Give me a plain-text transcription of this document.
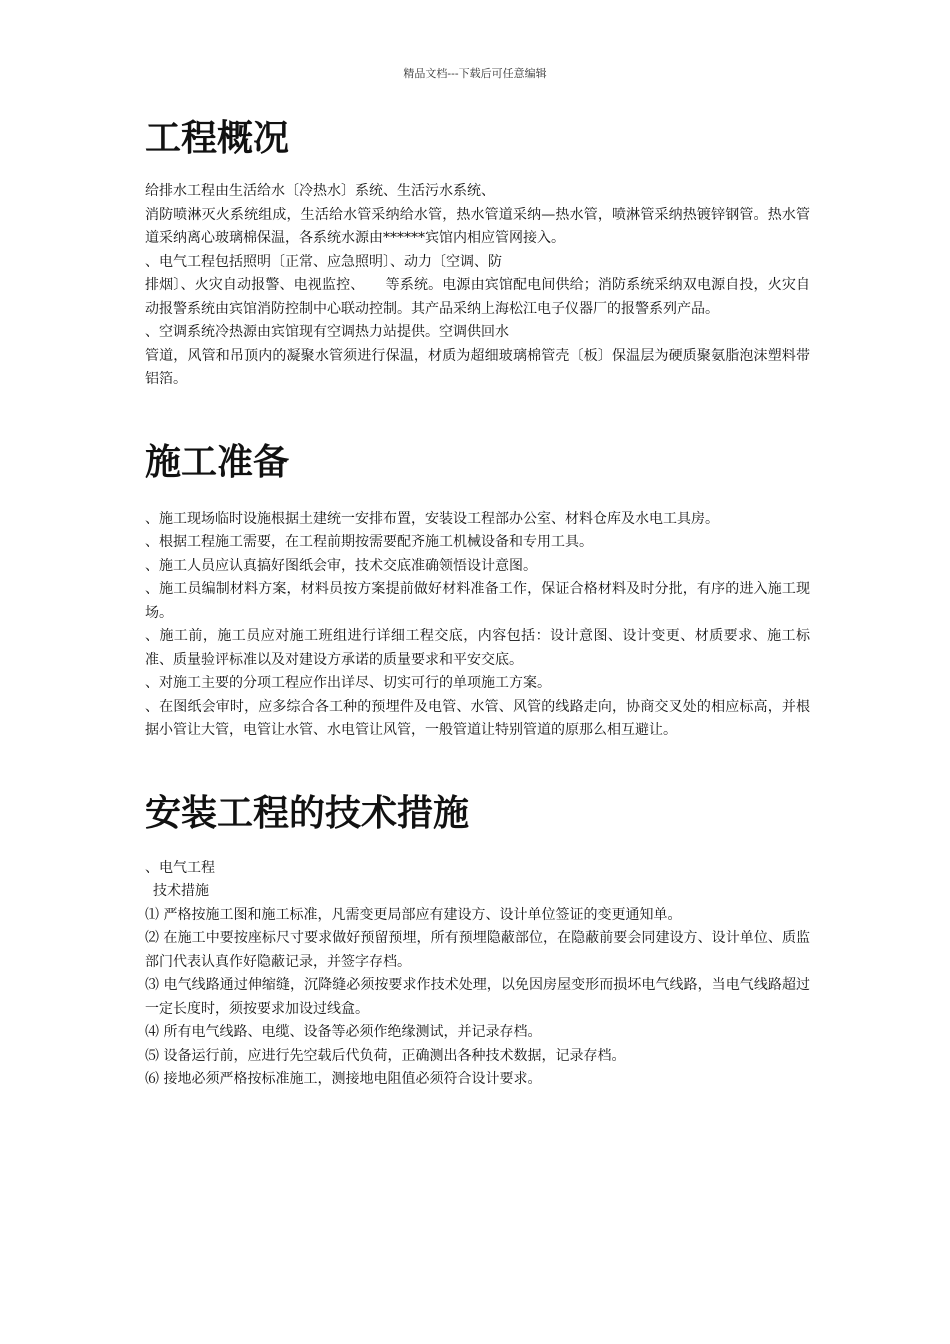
精品文档---下载后可任意编辑
工程概况

给排水工程由生活给水〔冷热水〕系统、生活污水系统、

消防喷淋灭火系统组成，生活给水管采纳给水管，热水管道采纳—热水管，喷淋管采纳热镀锌钢管。热水管道采纳离心玻璃棉保温，各系统水源由******宾馆内相应管网接入。

、电气工程包括照明〔正常、应急照明〕、动力〔空调、防

排烟〕、火灾自动报警、电视监控、　　等系统。电源由宾馆配电间供给；消防系统采纳双电源自投，火灾自动报警系统由宾馆消防控制中心联动控制。其产品采纳上海松江电子仪器厂的报警系列产品。

、空调系统冷热源由宾馆现有空调热力站提供。空调供回水

管道，风管和吊顶内的凝聚水管须进行保温，材质为超细玻璃棉管壳〔板〕保温层为硬质聚氨脂泡沫塑料带铝箔。

施工准备

、施工现场临时设施根据土建统一安排布置，安装设工程部办公室、材料仓库及水电工具房。

、根据工程施工需要，在工程前期按需要配齐施工机械设备和专用工具。

、施工人员应认真搞好图纸会审，技术交底准确领悟设计意图。

、施工员编制材料方案，材料员按方案提前做好材料准备工作，保证合格材料及时分批，有序的进入施工现场。

、施工前，施工员应对施工班组进行详细工程交底，内容包括：设计意图、设计变更、材质要求、施工标准、质量验评标准以及对建设方承诺的质量要求和平安交底。

、对施工主要的分项工程应作出详尽、切实可行的单项施工方案。

、在图纸会审时，应多综合各工种的预埋件及电管、水管、风管的线路走向，协商交叉处的相应标高，并根据小管让大管，电管让水管、水电管让风管，一般管道让特别管道的原那么相互避让。

安装工程的技术措施

、电气工程

技术措施

⑴ 严格按施工图和施工标准，凡需变更局部应有建设方、设计单位签证的变更通知单。

⑵ 在施工中要按座标尺寸要求做好预留预埋，所有预埋隐蔽部位，在隐蔽前要会同建设方、设计单位、质监部门代表认真作好隐蔽记录，并签字存档。

⑶ 电气线路通过伸缩缝，沉降缝必须按要求作技术处理，以免因房屋变形而损坏电气线路，当电气线路超过一定长度时，须按要求加设过线盒。

⑷ 所有电气线路、电缆、设备等必须作绝缘测试，并记录存档。

⑸ 设备运行前，应进行先空载后代负荷，正确测出各种技术数据，记录存档。

⑹ 接地必须严格按标准施工，测接地电阻值必须符合设计要求。
